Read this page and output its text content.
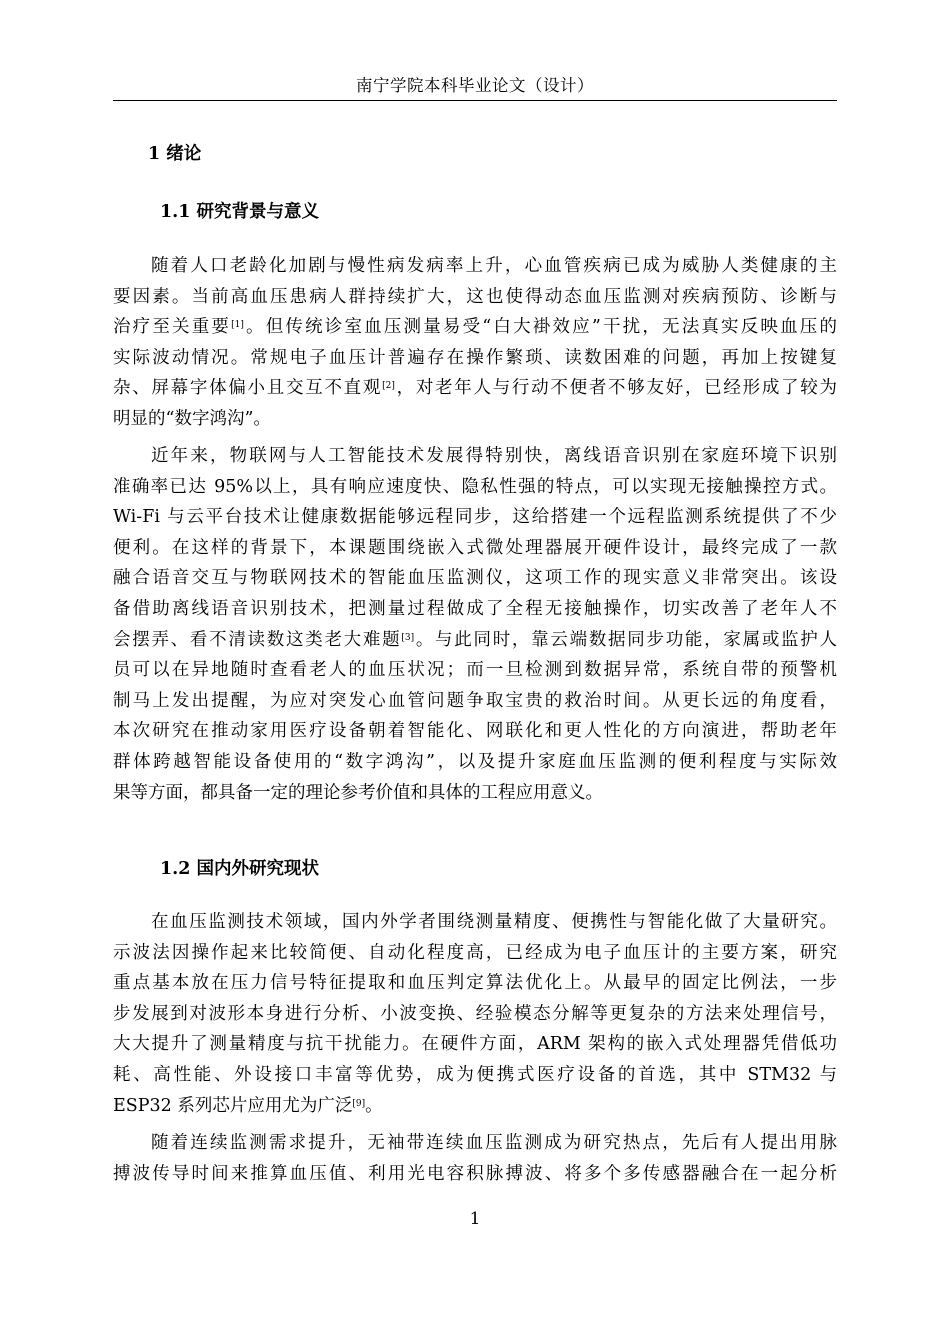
南宁学院本科毕业论文（设计）
1 绪论
1.1 研究背景与意义
随着人口老龄化加剧与慢性病发病率上升，心血管疾病已成为威胁人类健康的主
要因素。当前高血压患病人群持续扩大，这也使得动态血压监测对疾病预防、诊断与
治疗至关重要[1]。但传统诊室血压测量易受“白大褂效应”干扰，无法真实反映血压的
实际波动情况。常规电子血压计普遍存在操作繁琐、读数困难的问题，再加上按键复
杂、屏幕字体偏小且交互不直观[2]，对老年人与行动不便者不够友好，已经形成了较为
明显的“数字鸿沟”。
近年来，物联网与人工智能技术发展得特别快，离线语音识别在家庭环境下识别
准确率已达 95%以上，具有响应速度快、隐私性强的特点，可以实现无接触操控方式。
Wi-Fi 与云平台技术让健康数据能够远程同步，这给搭建一个远程监测系统提供了不少
便利。在这样的背景下，本课题围绕嵌入式微处理器展开硬件设计，最终完成了一款
融合语音交互与物联网技术的智能血压监测仪，这项工作的现实意义非常突出。该设
备借助离线语音识别技术，把测量过程做成了全程无接触操作，切实改善了老年人不
会摆弄、看不清读数这类老大难题[3]。与此同时，靠云端数据同步功能，家属或监护人
员可以在异地随时查看老人的血压状况；而一旦检测到数据异常，系统自带的预警机
制马上发出提醒，为应对突发心血管问题争取宝贵的救治时间。从更长远的角度看，
本次研究在推动家用医疗设备朝着智能化、网联化和更人性化的方向演进，帮助老年
群体跨越智能设备使用的“数字鸿沟”，以及提升家庭血压监测的便利程度与实际效
果等方面，都具备一定的理论参考价值和具体的工程应用意义。
1.2 国内外研究现状
在血压监测技术领域，国内外学者围绕测量精度、便携性与智能化做了大量研究。
示波法因操作起来比较简便、自动化程度高，已经成为电子血压计的主要方案，研究
重点基本放在压力信号特征提取和血压判定算法优化上。从最早的固定比例法，一步
步发展到对波形本身进行分析、小波变换、经验模态分解等更复杂的方法来处理信号，
大大提升了测量精度与抗干扰能力。在硬件方面，ARM 架构的嵌入式处理器凭借低功
耗、高性能、外设接口丰富等优势，成为便携式医疗设备的首选，其中 STM32 与
ESP32 系列芯片应用尤为广泛[9]。
随着连续监测需求提升，无袖带连续血压监测成为研究热点，先后有人提出用脉
搏波传导时间来推算血压值、利用光电容积脉搏波、将多个多传感器融合在一起分析
1
